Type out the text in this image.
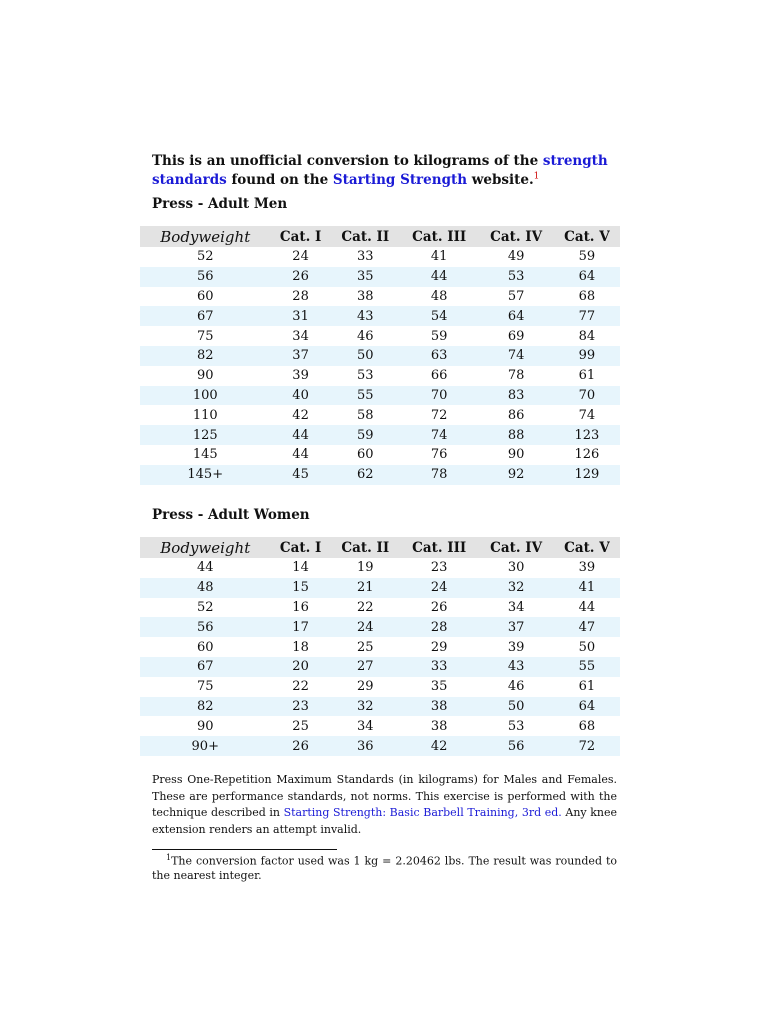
This is an unofficial conversion to kilograms of the strength standards found on the Starting Strength website.$^1$

Press - Adult Men
Bodyweight	Cat. I	Cat. II	Cat. III	Cat. IV	Cat. V
52	24	33	41	49	59
56	26	35	44	53	64
60	28	38	48	57	68
67	31	43	54	64	77
75	34	46	59	69	84
82	37	50	63	74	99
90	39	53	66	78	61
100	40	55	70	83	70
110	42	58	72	86	74
125	44	59	74	88	123
145	44	60	76	90	126
145+	45	62	78	92	129
Press - Adult Women
Bodyweight	Cat. I	Cat. II	Cat. III	Cat. IV	Cat. V
44	14	19	23	30	39
48	15	21	24	32	41
52	16	22	26	34	44
56	17	24	28	37	47
60	18	25	29	39	50
67	20	27	33	43	55
75	22	29	35	46	61
82	23	32	38	50	64
90	25	34	38	53	68
90+	26	36	42	56	72

Press One-Repetition Maximum Standards (in kilograms) for Males and Females. These are performance standards, not norms. This exercise is performed with the technique described in Starting Strength: Basic Barbell Training, 3rd ed. Any knee extension renders an attempt invalid.

$^1$The conversion factor used was 1 kg = 2.20462 lbs. The result was rounded to the nearest integer.
